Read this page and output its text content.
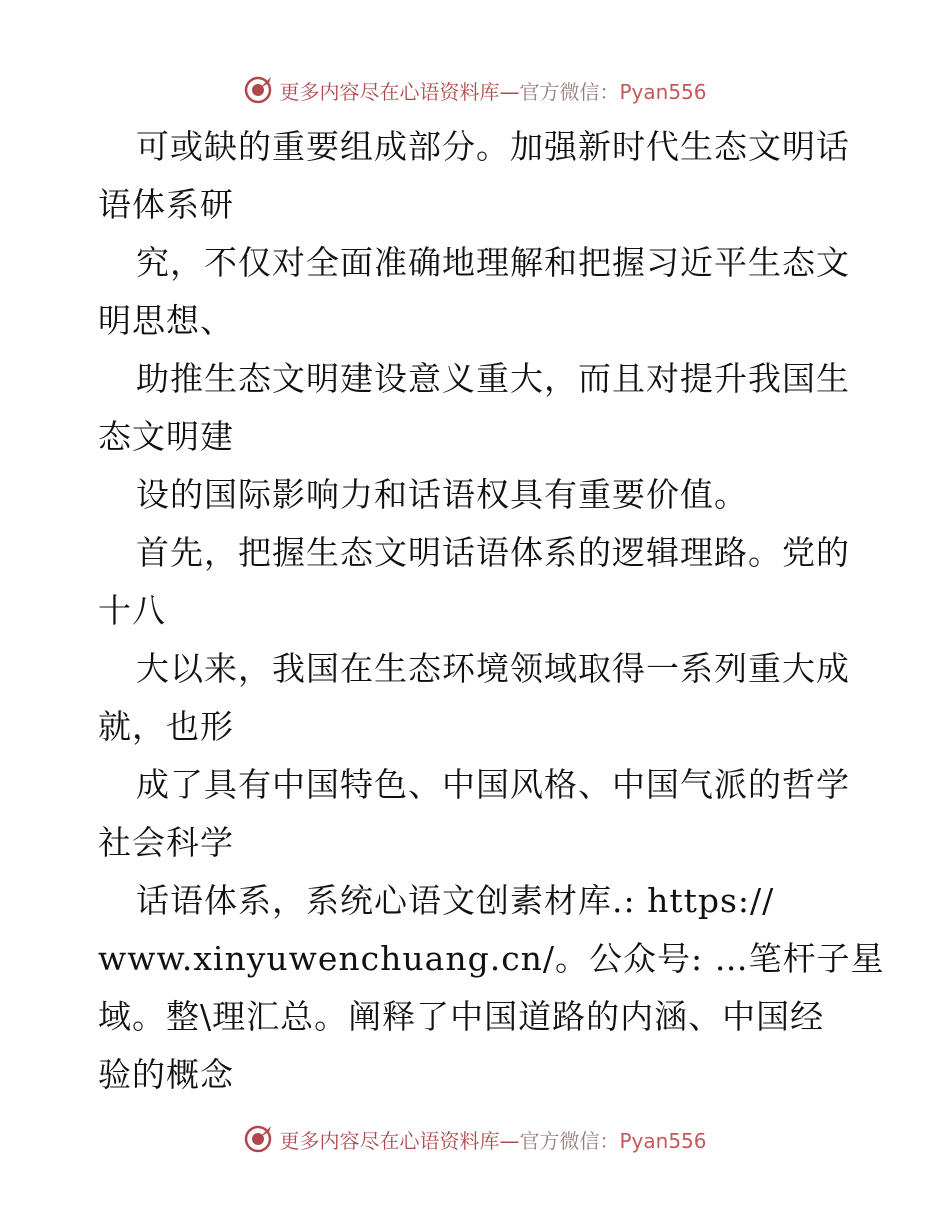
更多内容尽在心语资料库—官方微信：Pyan556
可或缺的重要组成部分。加强新时代生态文明话
语体系研
究，不仅对全面准确地理解和把握习近平生态文
明思想、
助推生态文明建设意义重大，而且对提升我国生
态文明建
设的国际影响力和话语权具有重要价值。
首先，把握生态文明话语体系的逻辑理路。党的
十八
大以来，我国在生态环境领域取得一系列重大成
就，也形
成了具有中国特色、中国风格、中国气派的哲学
社会科学
话语体系，系统心语文创素材库.: https://
www.xinyuwenchuang.cn/。公众号: …笔杆子星
域。整\理汇总。阐释了中国道路的内涵、中国经
验的概念
更多内容尽在心语资料库—官方微信：Pyan556
